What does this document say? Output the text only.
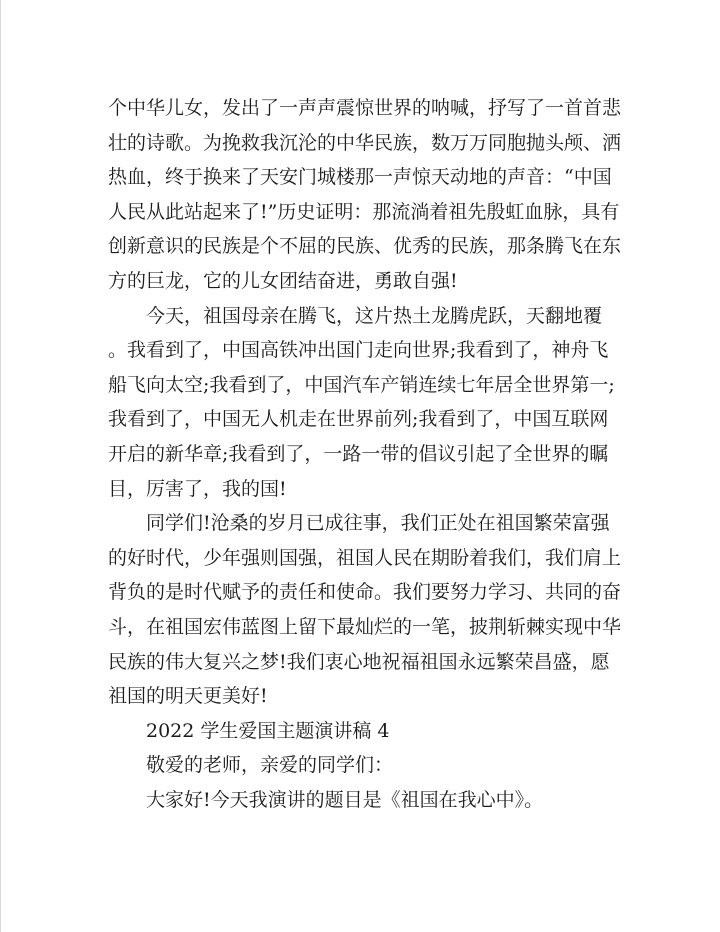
个中华儿女，发出了一声声震惊世界的呐喊，抒写了一首首悲
壮的诗歌。为挽救我沉沦的中华民族，数万万同胞抛头颅、洒
热血，终于换来了天安门城楼那一声惊天动地的声音：“中国
人民从此站起来了!”历史证明：那流淌着祖先殷虹血脉，具有
创新意识的民族是个不屈的民族、优秀的民族，那条腾飞在东
方的巨龙，它的儿女团结奋进，勇敢自强!
今天，祖国母亲在腾飞，这片热土龙腾虎跃，天翻地覆
。我看到了，中国高铁冲出国门走向世界;我看到了，神舟飞
船飞向太空;我看到了，中国汽车产销连续七年居全世界第一;
我看到了，中国无人机走在世界前列;我看到了，中国互联网
开启的新华章;我看到了，一路一带的倡议引起了全世界的瞩
目，厉害了，我的国!
同学们!沧桑的岁月已成往事，我们正处在祖国繁荣富强
的好时代，少年强则国强，祖国人民在期盼着我们，我们肩上
背负的是时代赋予的责任和使命。我们要努力学习、共同的奋
斗，在祖国宏伟蓝图上留下最灿烂的一笔，披荆斩棘实现中华
民族的伟大复兴之梦!我们衷心地祝福祖国永远繁荣昌盛，愿
祖国的明天更美好!
2022 学生爱国主题演讲稿 4
敬爱的老师，亲爱的同学们：
大家好!今天我演讲的题目是《祖国在我心中》。
